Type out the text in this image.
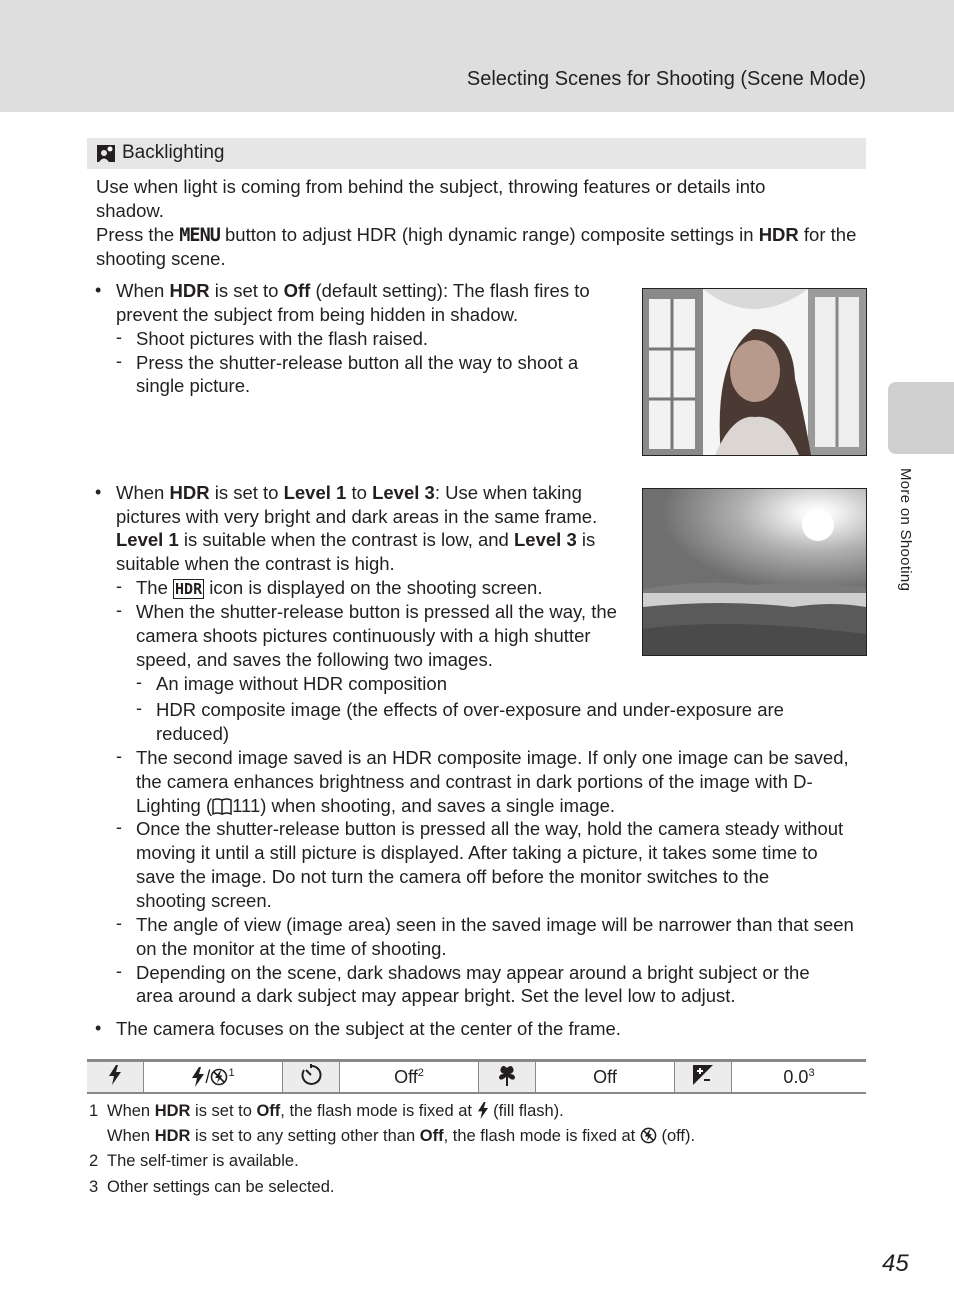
Selecting Scenes for Shooting (Scene Mode)
More on Shooting
Backlighting
Use when light is coming from behind the subject, throwing features or details into
shadow.
Press the MENU button to adjust HDR (high dynamic range) composite settings in HDR for the
shooting scene.
• When HDR is set to Off (default setting): The flash fires to
prevent the subject from being hidden in shadow.
- Shoot pictures with the flash raised.
- Press the shutter-release button all the way to shoot a
single picture.
• When HDR is set to Level 1 to Level 3: Use when taking
pictures with very bright and dark areas in the same frame.
Level 1 is suitable when the contrast is low, and Level 3 is
suitable when the contrast is high.
- The HDR icon is displayed on the shooting screen.
- When the shutter-release button is pressed all the way, the
camera shoots pictures continuously with a high shutter
speed, and saves the following two images.
- An image without HDR composition
- HDR composite image (the effects of over-exposure and under-exposure are
reduced)
- The second image saved is an HDR composite image. If only one image can be saved,
the camera enhances brightness and contrast in dark portions of the image with D-
Lighting ( 111) when shooting, and saves a single image.
- Once the shutter-release button is pressed all the way, hold the camera steady without
moving it until a still picture is displayed. After taking a picture, it takes some time to
save the image. Do not turn the camera off before the monitor switches to the
shooting screen.
- The angle of view (image area) seen in the saved image will be narrower than that seen
on the monitor at the time of shooting.
- Depending on the scene, dark shadows may appear around a bright subject or the
area around a dark subject may appear bright. Set the level low to adjust.
• The camera focuses on the subject at the center of the frame.
	/ $^1$		Off$^2$		Off		$0.0^3$
1 When HDR is set to Off, the flash mode is fixed at  (fill flash).
When HDR is set to any setting other than Off, the flash mode is fixed at  (off).
2 The self-timer is available.
3 Other settings can be selected.
45
